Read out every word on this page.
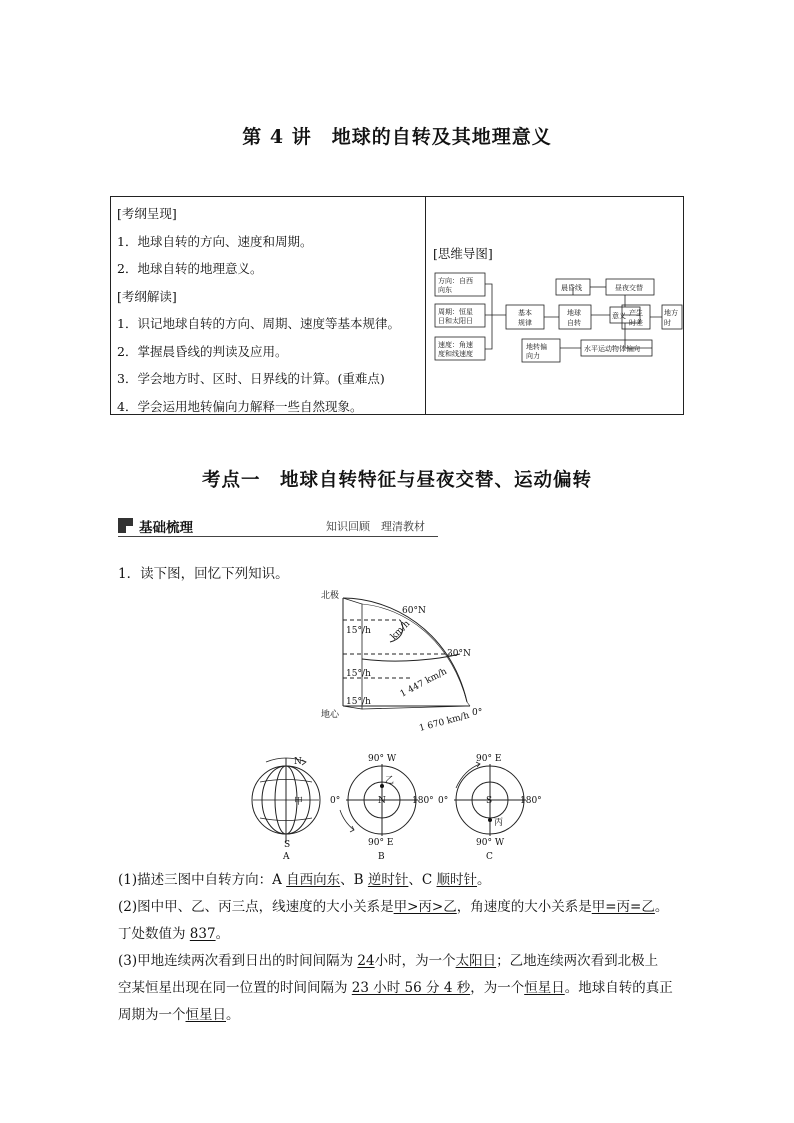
第 4 讲　地球的自转及其地理意义
[考纲呈现]
1．地球自转的方向、速度和周期。
2．地球自转的地理意义。
[考纲解读]
1．识记地球自转的方向、周期、速度等基本规律。
2．掌握晨昏线的判读及应用。
3．学会地方时、区时、日界线的计算。(重难点)
4．学会运用地转偏向力解释一些自然现象。
[思维导图]
方向：自西
向东
周期：恒星
日和太阳日
速度：角速
度和线速度
基本
规律
地球
自转
晨昏线	昼夜交替
意义 产生
时差
地方
时
地转偏
向力
水平运动物体偏向
考点一　地球自转特征与昼夜交替、运动偏转
基础梳理	知识回顾　理清教材
1．读下图，回忆下列知识。
北极
60°N
30°N
0°
地心
15°/h
15°/h
15°/h
km/h
1 447 km/h
1 670 km/h
N
S
甲
A
90° W
90° E
0°	180°
N
乙
B
90° E
90° W
0°	180°
S
丙
C
(1)描述三图中自转方向：A 自西向东、B 逆时针、C 顺时针。
(2)图中甲、乙、丙三点，线速度的大小关系是甲>丙>乙，角速度的大小关系是甲=丙=乙。
丁处数值为 837。
(3)甲地连续两次看到日出的时间间隔为 24小时，为一个太阳日；乙地连续两次看到北极上
空某恒星出现在同一位置的时间间隔为 23 小时 56 分 4 秒，为一个恒星日。地球自转的真正
周期为一个恒星日。
